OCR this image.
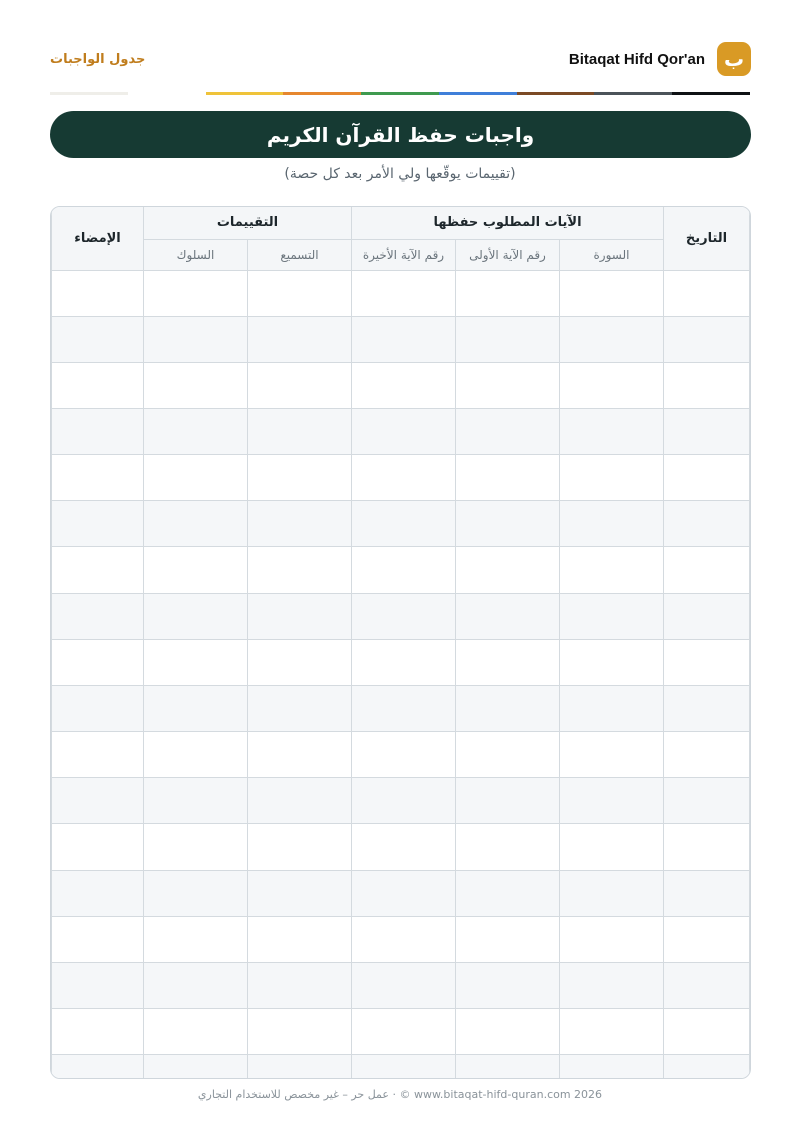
Bitaqat Hifd Qor'an ب
جدول الواجبات
واجبات حفظ القرآن الكريم
(تقييمات يوقّعها ولي الأمر بعد كل حصة)
التاريخ	الآيات المطلوب حفظها			التقييمات		الإمضاء
	السورة	رقم الآية الأولى	رقم الآية الأخيرة	التسميع	السلوك	

www.bitaqat-hifd-quran.com 2026 © · عمل حر – غير مخصص للاستخدام التجاري
